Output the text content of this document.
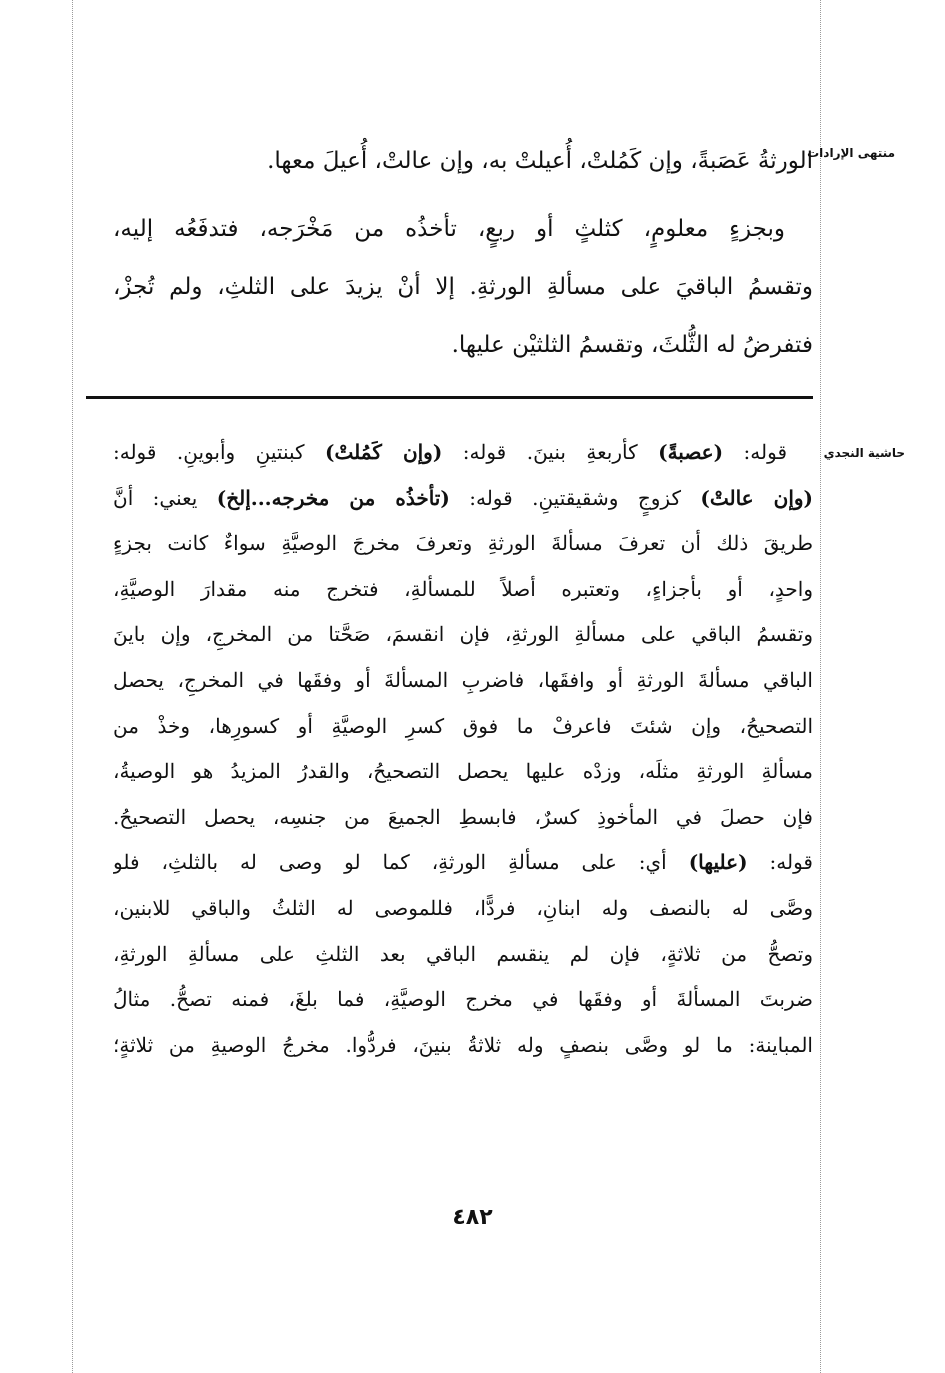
منتهى الإرادات
حاشية النجدي
الورثةُ عَصَبةً، وإن كَمُلتْ، أُعيلتْ به، وإن عالتْ، أُعيلَ معها.
وبجزءٍ معلومٍ، كثلثٍ أو ربعٍ، تأخذُه من مَخْرَجه، فتدفَعُه إليه،
وتقسمُ الباقيَ على مسألةِ الورثةِ. إلا أنْ يزيدَ على الثلثِ، ولم تُجزْ،
فتفرضُ له الثُّلثَ، وتقسمُ الثلثيْن عليها.
قوله: (عصبةً) كأربعةِ بنينَ. قوله: (وإن كَمُلتْ) كبنتينِ وأبوينِ. قوله:
(وإن عالتْ) كزوجٍ وشقيقتينِ. قوله: (تأخذُه من مخرجه...إلخ) يعني: أنَّ
طريقَ ذلك أن تعرفَ مسألةَ الورثةِ وتعرفَ مخرجَ الوصيَّةِ سواءٌ كانت بجزءٍ
واحدٍ، أو بأجزاءٍ، وتعتبره أصلاً للمسألةِ، فتخرج منه مقدارَ الوصيَّةِ،
وتقسمُ الباقي على مسألةِ الورثةِ، فإن انقسمَ، صَحَّتا من المخرجِ، وإن باينَ
الباقي مسألةَ الورثةِ أو وافقَها، فاضربِ المسألةَ أو وفقَها في المخرجِ، يحصل
التصحيحُ، وإن شئتَ فاعرفْ ما فوق كسرِ الوصيَّةِ أو كسورِها، وخذْ من
مسألةِ الورثةِ مثلَه، وزدْه عليها يحصل التصحيحُ، والقدرُ المزيدُ هو الوصيةُ،
فإن حصلَ في المأخوذِ كسرٌ، فابسطِ الجميعَ من جنسِه، يحصل التصحيحُ.
قوله: (عليها) أي: على مسألةِ الورثةِ، كما لو وصى له بالثلثِ، فلو
وصَّى له بالنصف وله ابنانِ، فردًّا، فللموصى له الثلثُ والباقي للابنين،
وتصحُّ من ثلاثةٍ، فإن لم ينقسم الباقي بعد الثلثِ على مسألةِ الورثةِ،
ضربتَ المسألةَ أو وفقَها في مخرج الوصيَّةِ، فما بلغَ، فمنه تصحُّ. مثالُ
المباينة: ما لو وصَّى بنصفٍ وله ثلاثةُ بنينَ، فردُّوا. مخرجُ الوصيةِ من ثلاثةٍ؛
٤٨٢
